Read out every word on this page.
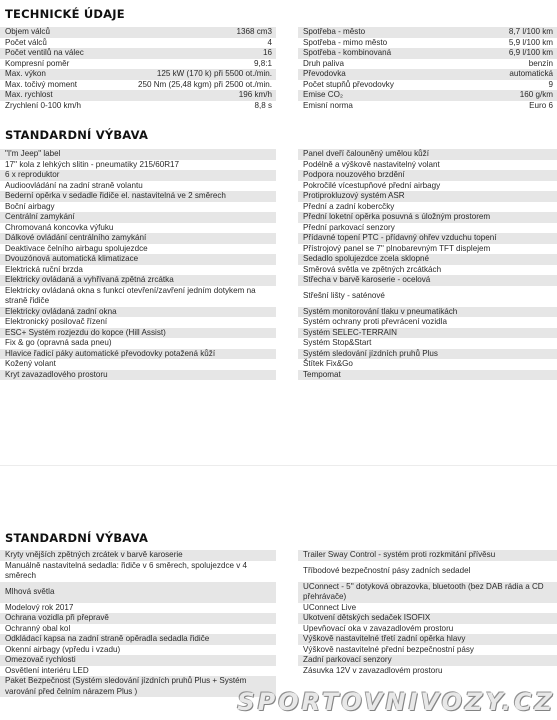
TECHNICKÉ ÚDAJE
Objem válců	1368 cm3
Počet válců	4
Počet ventilů na válec	16
Kompresní poměr	9,8:1
Max. výkon	125 kW (170 k) při 5500 ot./min.
Max. točivý moment	250 Nm (25,48 kgm) při 2500 ot./min.
Max. rychlost	196 km/h
Zrychlení 0-100 km/h	8,8 s
Spotřeba - město	8,7 l/100 km
Spotřeba - mimo město	5,9 l/100 km
Spotřeba - kombinovaná	6,9 l/100 km
Druh paliva	benzín
Převodovka	automatická
Počet stupňů převodovky	9
Emise CO₂	160 g/km
Emisní norma	Euro 6
STANDARDNÍ VÝBAVA
"I'm Jeep" label
17'' kola z lehkých slitin - pneumatiky 215/60R17
6 x reproduktor
Audioovládání na zadní straně volantu
Bederní opěrka v sedadle řidiče el. nastavitelná ve 2 směrech
Boční airbagy
Centrální zamykání
Chromovaná koncovka výfuku
Dálkové ovládání centrálního zamykání
Deaktivace čelního airbagu spolujezdce
Dvouzónová automatická klimatizace
Elektrická ruční brzda
Elektricky ovládaná a vyhřívaná zpětná zrcátka
Elektricky ovládaná okna s funkcí otevření/zavření jedním dotykem na straně řidiče
Elektricky ovládaná zadní okna
Elektronický posilovač řízení
ESC+ Systém rozjezdu do kopce (Hill Assist)
Fix & go (opravná sada pneu)
Hlavice řadicí páky automatické převodovky potažená kůží
Kožený volant
Kryt zavazadlového prostoru
Panel dveří čalouněný umělou kůží
Podélně a výškově nastavitelný volant
Podpora nouzového brzdění
Pokročilé vícestupňové přední airbagy
Protiprokluzový systém ASR
Přední a zadní kobercčky
Přední loketní opěrka posuvná s úložným prostorem
Přední parkovací senzory
Přídavné topení PTC - přídavný ohřev vzduchu topení
Přístrojový panel se 7'' plnobarevným TFT displejem
Sedadlo spolujezdce zcela sklopné
Směrová světla ve zpětných zrcátkách
Střecha v barvě karoserie - ocelová
Střešní lišty - saténové
Systém monitorování tlaku v pneumatikách
Systém ochrany proti převrácení vozidla
Systém SELEC-TERRAIN
Systém Stop&Start
Systém sledování jízdních pruhů Plus
Štítek Fix&Go
Tempomat
STANDARDNÍ VÝBAVA
Kryty vnějších zpětných zrcátek v barvě karoserie
Manuálně nastavitelná sedadla: řidiče v 6 směrech, spolujezdce v 4 směrech
Mlhová světla
Modelový rok 2017
Ochrana vozidla při přepravě
Ochranný obal kol
Odkládací kapsa na zadní straně opěradla sedadla řidiče
Okenní airbagy (vpředu i vzadu)
Omezovač rychlosti
Osvětlení interiéru LED
Paket Bezpečnost (Systém sledování jízdních pruhů Plus + Systém varování před čelním nárazem Plus )
Trailer Sway Control - systém proti rozkmitání přívěsu
Tříbodové bezpečnostní pásy zadních sedadel
UConnect - 5'' dotyková obrazovka, bluetooth (bez DAB rádia a CD přehrávače)
UConnect Live
Ukotvení dětských sedaček ISOFIX
Upevňovací oka v zavazadlovém prostoru
Výškově nastavitelné třetí zadní opěrka hlavy
Výškově nastavitelné přední bezpečnostní pásy
Zadní parkovací senzory
Zásuvka 12V v zavazadlovém prostoru
SPORTOVNIVOZY.CZ
